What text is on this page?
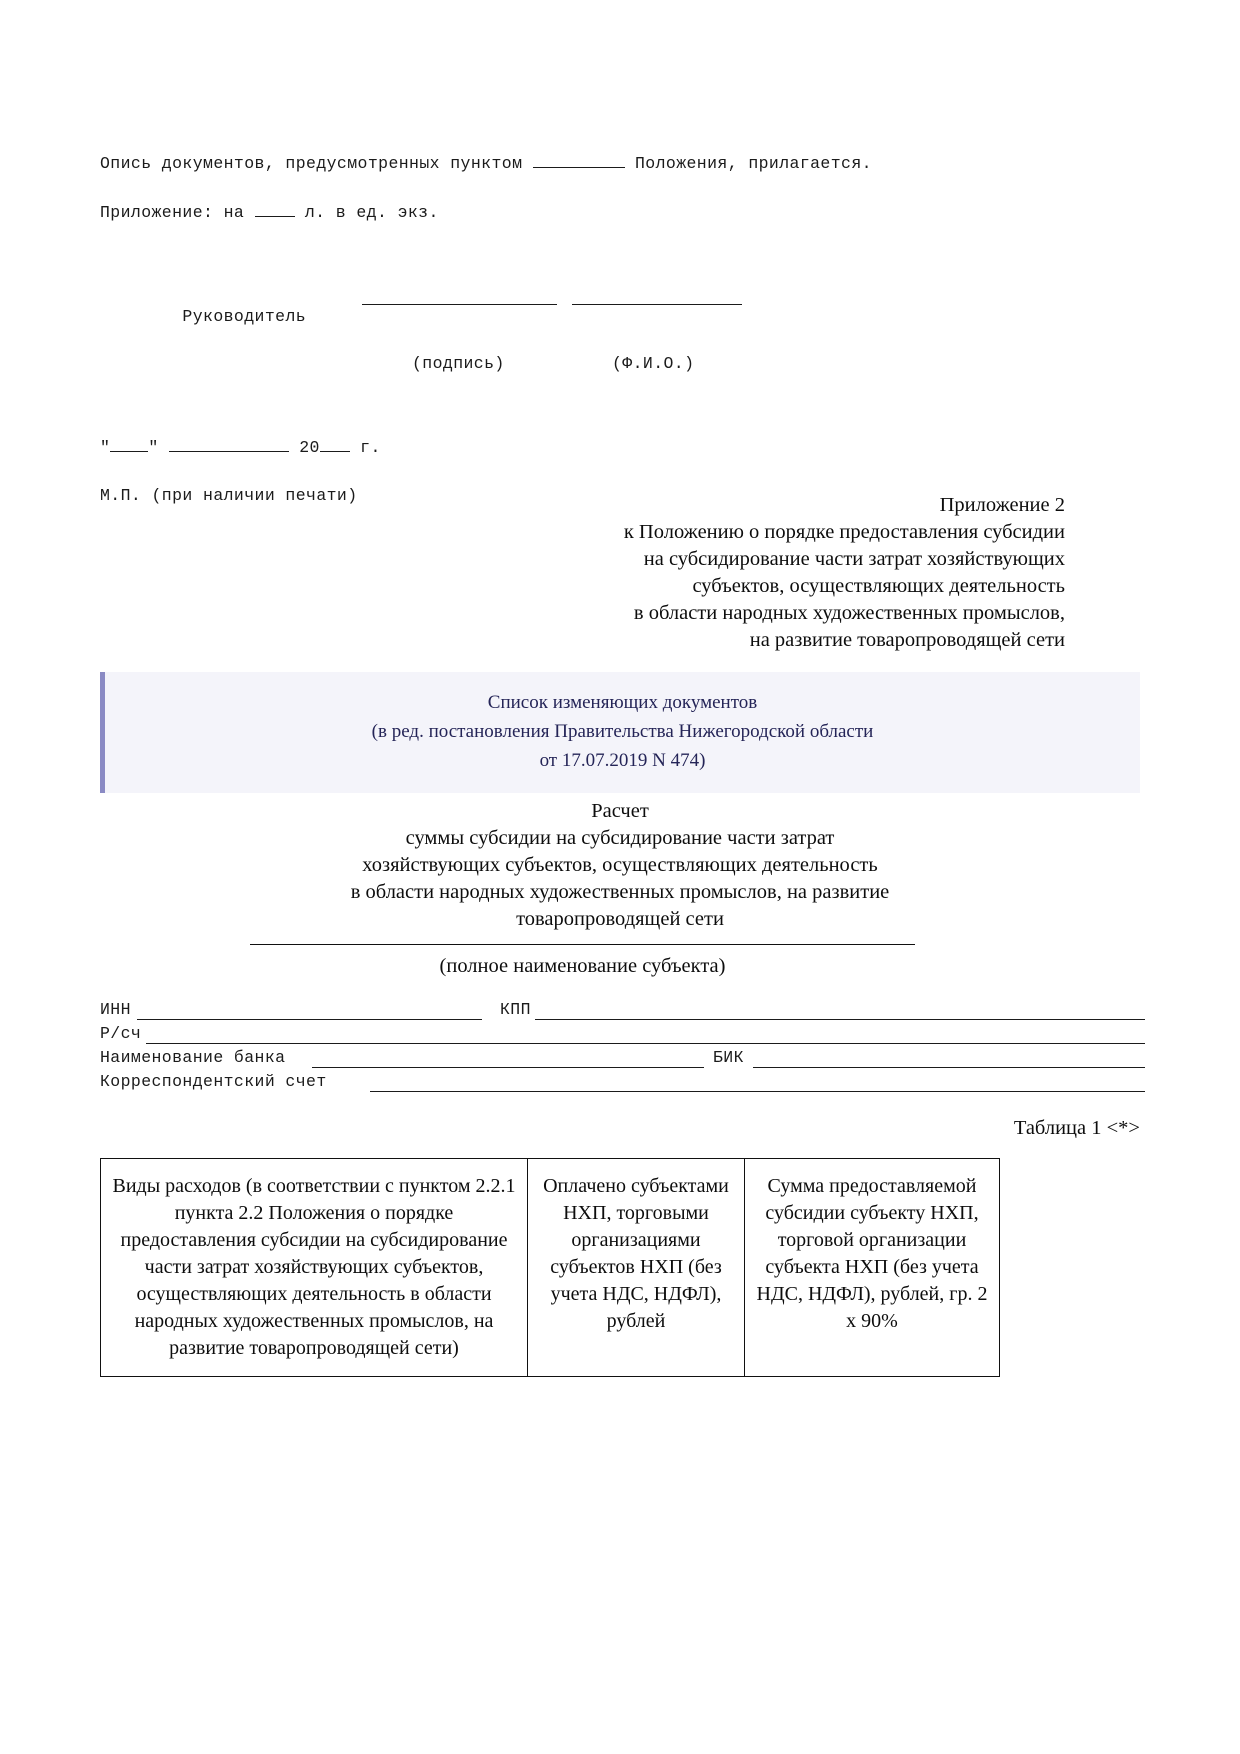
Опись документов, предусмотренных пунктом	Положения, прилагается.
Приложение: на	л. в ед. экз.

Руководитель

(подпись)

	(Ф.И.О.)

" "	20 г.
М.П. (при наличии печати)	Приложение 2
к Положению о порядке предоставления субсидии
на субсидирование части затрат хозяйствующих
субъектов, осуществляющих деятельность
в области народных художественных промыслов,
на развитие товаропроводящей сети
Список изменяющих документов
(в ред. постановления Правительства Нижегородской области
от 17.07.2019 N 474)
Расчет
суммы субсидии на субсидирование части затрат
хозяйствующих субъектов, осуществляющих деятельность
в области народных художественных промыслов, на развитие
товаропроводящей сети
(полное наименование субъекта)
ИНН	КПП
Р/сч
Наименование банка	БИК
Корреспондентский счет
Таблица 1 <*>
Виды расходов (в соответствии с пунктом 2.2.1 пункта 2.2 Положения о порядке предоставления субсидии на субсидирование части затрат хозяйствующих субъектов, осуществляющих деятельность в области народных художественных промыслов, на развитие товаропроводящей сети)	Оплачено субъектами НХП, торговыми организациями субъектов НХП (без учета НДС, НДФЛ), рублей	Сумма предоставляемой субсидии субъекту НХП, торговой организации субъекта НХП (без учета НДС, НДФЛ), рублей, гр. 2 х 90%
